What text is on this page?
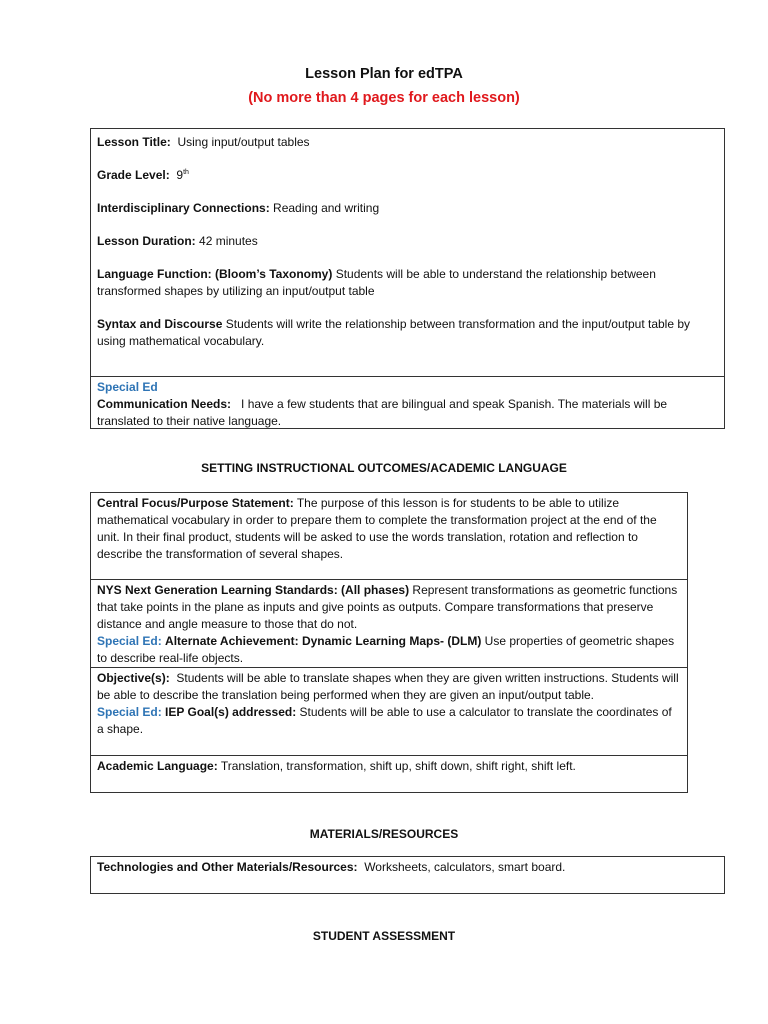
Lesson Plan for edTPA
(No more than 4 pages for each lesson)

Lesson Title: Using input/output tables

Grade Level: 9th

Interdisciplinary Connections: Reading and writing

Lesson Duration: 42 minutes

Language Function: (Bloom’s Taxonomy) Students will be able to understand the relationship between transformed shapes by utilizing an input/output table

Syntax and Discourse Students will write the relationship between transformation and the input/output table by using mathematical vocabulary.

Special Ed

Communication Needs: I have a few students that are bilingual and speak Spanish. The materials will be translated to their native language.

SETTING INSTRUCTIONAL OUTCOMES/ACADEMIC LANGUAGE

Central Focus/Purpose Statement: The purpose of this lesson is for students to be able to utilize mathematical vocabulary in order to prepare them to complete the transformation project at the end of the unit. In their final product, students will be asked to use the words translation, rotation and reflection to describe the transformation of several shapes.

NYS Next Generation Learning Standards: (All phases) Represent transformations as geometric functions that take points in the plane as inputs and give points as outputs. Compare transformations that preserve distance and angle measure to those that do not.

Special Ed: Alternate Achievement: Dynamic Learning Maps- (DLM) Use properties of geometric shapes to describe real-life objects.

Objective(s): Students will be able to translate shapes when they are given written instructions. Students will be able to describe the translation being performed when they are given an input/output table.

Special Ed: IEP Goal(s) addressed: Students will be able to use a calculator to translate the coordinates of a shape.

Academic Language: Translation, transformation, shift up, shift down, shift right, shift left.

MATERIALS/RESOURCES

Technologies and Other Materials/Resources: Worksheets, calculators, smart board.

STUDENT ASSESSMENT
